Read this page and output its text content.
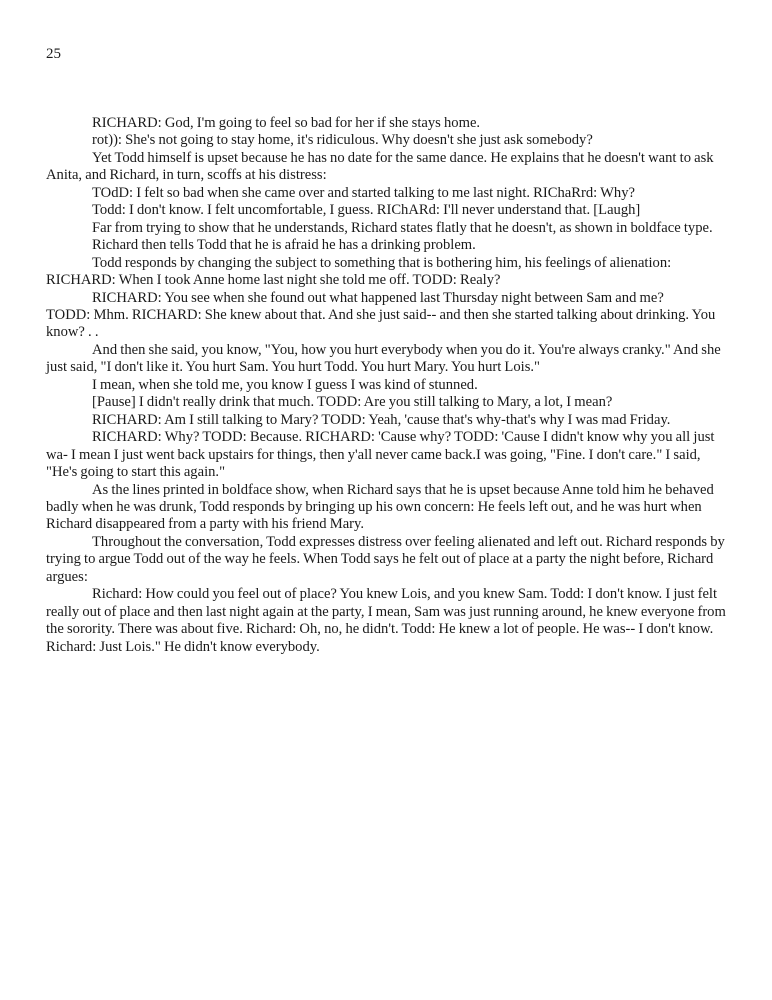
25

RICHARD: God, I'm going to feel so bad for her if she stays home.

rot)): She's not going to stay home, it's ridiculous. Why doesn't she just ask somebody?

Yet Todd himself is upset because he has no date for the same dance. He explains that he doesn't want to ask Anita, and Richard, in turn, scoffs at his distress:

TOdD: I felt so bad when she came over and started talking to me last night. RIChaRrd: Why?

Todd: I don't know. I felt uncomfortable, I guess. RIChARd: I'll never understand that. [Laugh]

Far from trying to show that he understands, Richard states flatly that he doesn't, as shown in boldface type.

Richard then tells Todd that he is afraid he has a drinking problem.

Todd responds by changing the subject to something that is bothering him, his feelings of alienation:

RICHARD: When I took Anne home last night she told me off. TODD: Realy?

RICHARD: You see when she found out what happened last Thursday night between Sam and me?

TODD: Mhm. RICHARD: She knew about that. And she just said-- and then she started talking about drinking. You know? . .

And then she said, you know, "You, how you hurt everybody when you do it. You're always cranky." And she just said, "I don't like it. You hurt Sam. You hurt Todd. You hurt Mary. You hurt Lois."

I mean, when she told me, you know I guess I was kind of stunned.

[Pause] I didn't really drink that much. TODD: Are you still talking to Mary, a lot, I mean?

RICHARD: Am I still talking to Mary? TODD: Yeah, 'cause that's why-that's why I was mad Friday.

RICHARD: Why? TODD: Because. RICHARD: 'Cause why? TODD: 'Cause I didn't know why you all just wa- I mean I just went back upstairs for things, then y'all never came back.I was going, "Fine. I don't care." I said, "He's going to start this again."

As the lines printed in boldface show, when Richard says that he is upset because Anne told him he behaved badly when he was drunk, Todd responds by bringing up his own concern: He feels left out, and he was hurt when Richard disappeared from a party with his friend Mary.

Throughout the conversation, Todd expresses distress over feeling alienated and left out. Richard responds by trying to argue Todd out of the way he feels. When Todd says he felt out of place at a party the night before, Richard argues:

Richard: How could you feel out of place? You knew Lois, and you knew Sam. Todd: I don't know. I just felt really out of place and then last night again at the party, I mean, Sam was just running around, he knew everyone from the sorority. There was about five. Richard: Oh, no, he didn't. Todd: He knew a lot of people. He was-- I don't know. Richard: Just Lois." He didn't know everybody.
